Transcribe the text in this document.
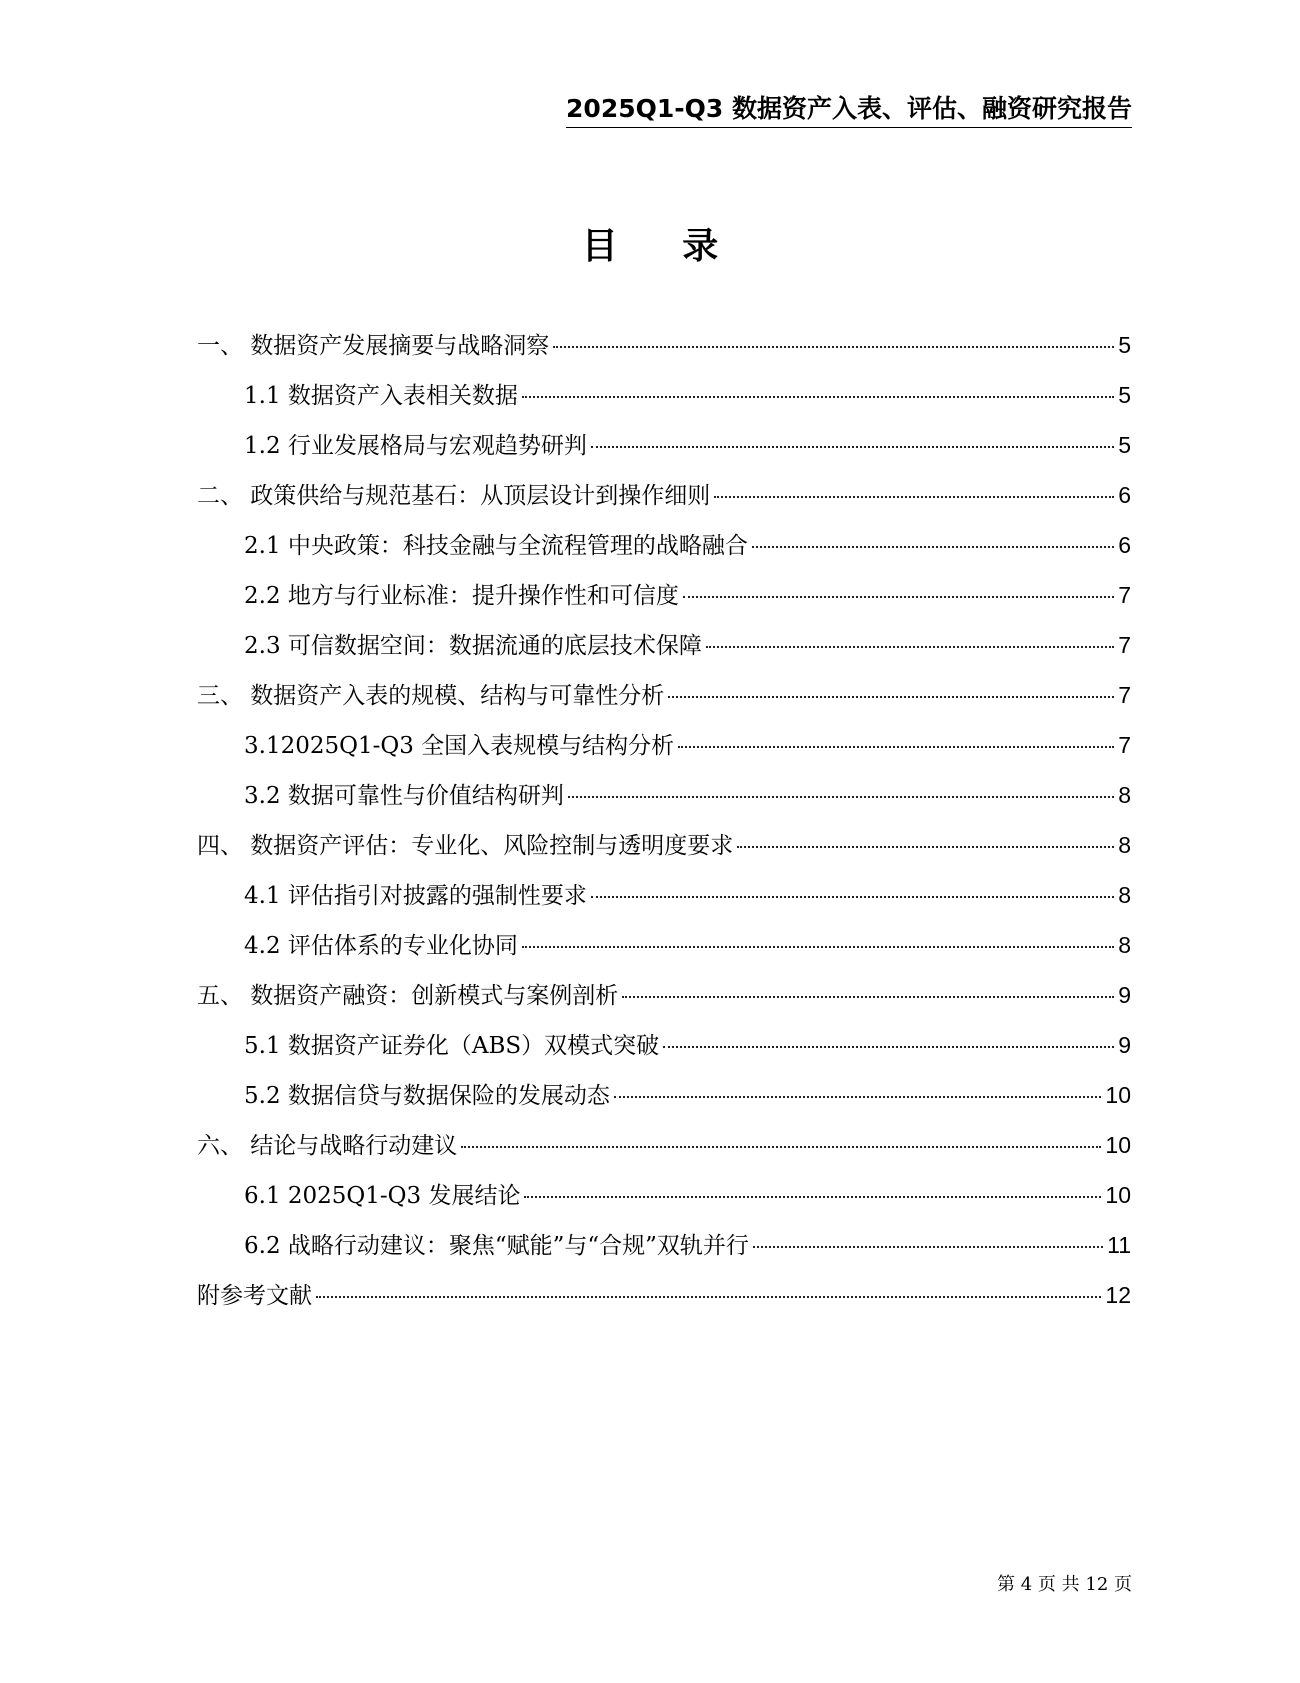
2025Q1-Q3 数据资产入表、评估、融资研究报告
目 录
一、 数据资产发展摘要与战略洞察	5
1.1 数据资产入表相关数据	5
1.2 行业发展格局与宏观趋势研判	5
二、 政策供给与规范基石：从顶层设计到操作细则	6
2.1 中央政策：科技金融与全流程管理的战略融合	6
2.2 地方与行业标准：提升操作性和可信度	7
2.3 可信数据空间：数据流通的底层技术保障	7
三、 数据资产入表的规模、结构与可靠性分析	7
3.12025Q1-Q3 全国入表规模与结构分析	7
3.2 数据可靠性与价值结构研判	8
四、 数据资产评估：专业化、风险控制与透明度要求	8
4.1 评估指引对披露的强制性要求	8
4.2 评估体系的专业化协同	8
五、 数据资产融资：创新模式与案例剖析	9
5.1 数据资产证券化（ABS）双模式突破	9
5.2 数据信贷与数据保险的发展动态	10
六、 结论与战略行动建议	10
6.1 2025Q1-Q3 发展结论	10
6.2 战略行动建议：聚焦“赋能”与“合规”双轨并行	11
附参考文献	12
第 4 页 共 12 页
